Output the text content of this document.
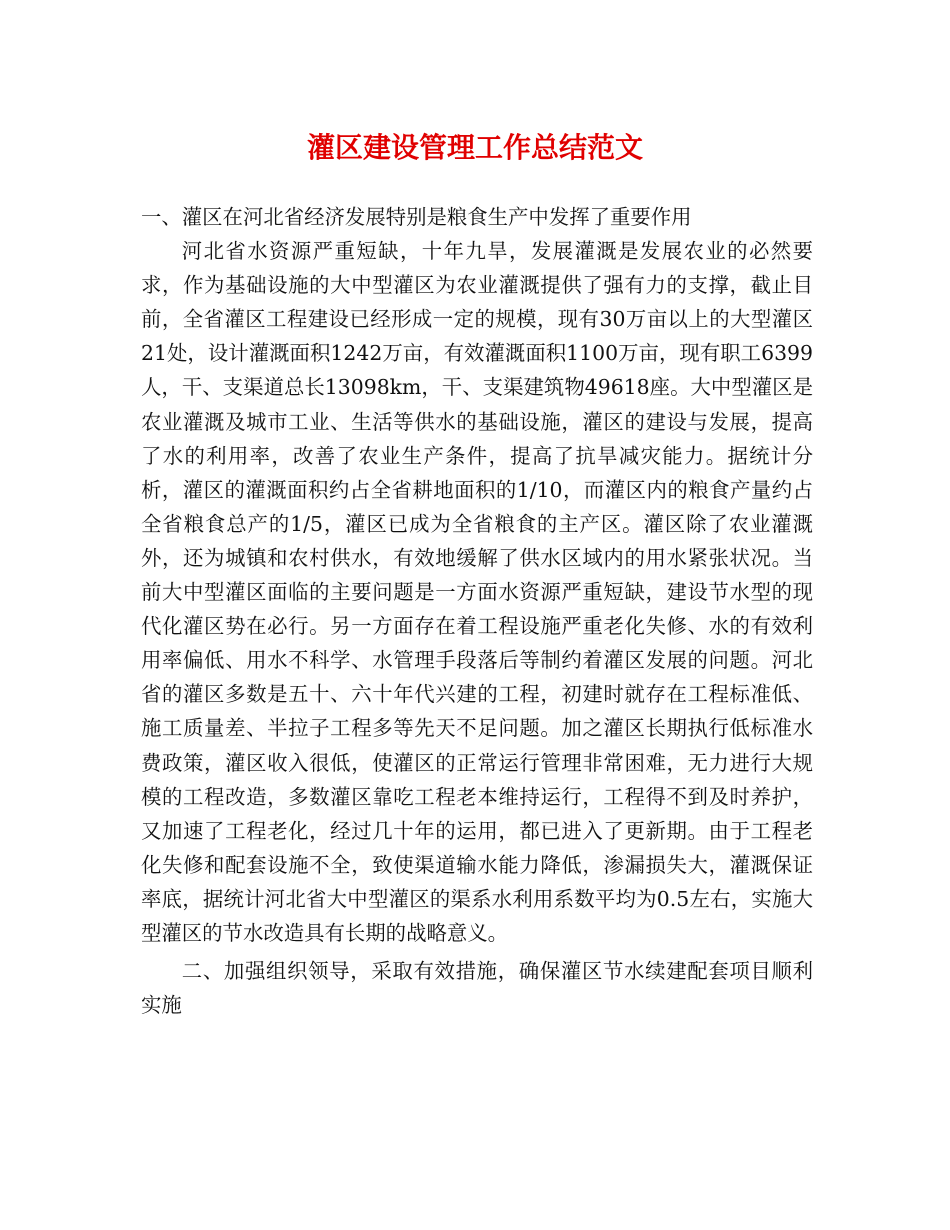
灌区建设管理工作总结范文

一、灌区在河北省经济发展特别是粮食生产中发挥了重要作用

河北省水资源严重短缺，十年九旱，发展灌溉是发展农业的必然要求，作为基础设施的大中型灌区为农业灌溉提供了强有力的支撑，截止目前，全省灌区工程建设已经形成一定的规模，现有30万亩以上的大型灌区21处，设计灌溉面积1242万亩，有效灌溉面积1100万亩，现有职工6399人，干、支渠道总长13098km，干、支渠建筑物49618座。大中型灌区是农业灌溉及城市工业、生活等供水的基础设施，灌区的建设与发展，提高了水的利用率，改善了农业生产条件，提高了抗旱减灾能力。据统计分析，灌区的灌溉面积约占全省耕地面积的1/10，而灌区内的粮食产量约占全省粮食总产的1/5，灌区已成为全省粮食的主产区。灌区除了农业灌溉外，还为城镇和农村供水，有效地缓解了供水区域内的用水紧张状况。当前大中型灌区面临的主要问题是一方面水资源严重短缺，建设节水型的现代化灌区势在必行。另一方面存在着工程设施严重老化失修、水的有效利用率偏低、用水不科学、水管理手段落后等制约着灌区发展的问题。河北省的灌区多数是五十、六十年代兴建的工程，初建时就存在工程标准低、施工质量差、半拉子工程多等先天不足问题。加之灌区长期执行低标准水费政策，灌区收入很低，使灌区的正常运行管理非常困难，无力进行大规模的工程改造，多数灌区靠吃工程老本维持运行，工程得不到及时养护，又加速了工程老化，经过几十年的运用，都已进入了更新期。由于工程老化失修和配套设施不全，致使渠道输水能力降低，渗漏损失大，灌溉保证率底，据统计河北省大中型灌区的渠系水利用系数平均为0.5左右，实施大型灌区的节水改造具有长期的战略意义。

二、加强组织领导，采取有效措施，确保灌区节水续建配套项目顺利实施
